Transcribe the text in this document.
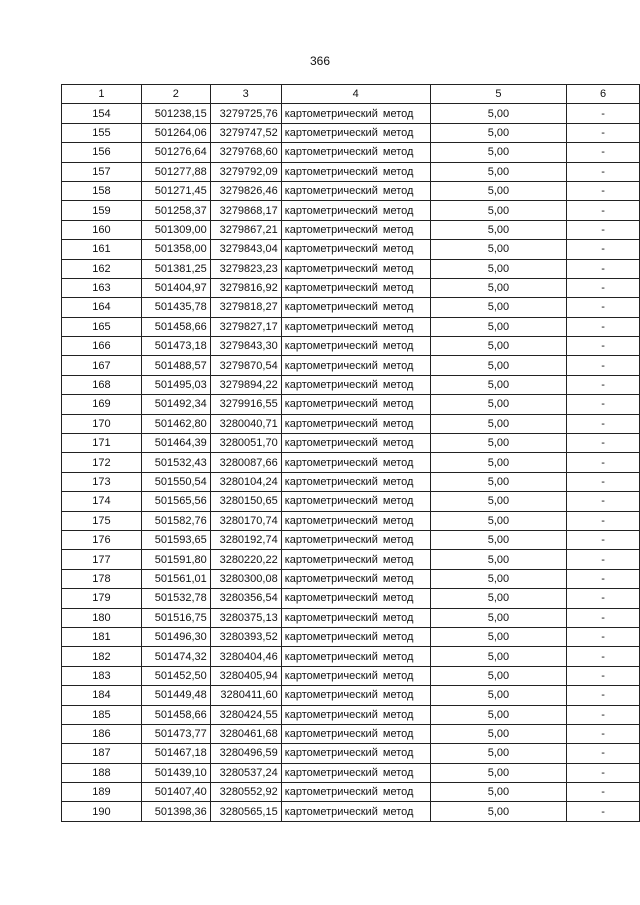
366
1	2	3	4	5	6
154	501238,15	3279725,76	картометрический метод	5,00	-
155	501264,06	3279747,52	картометрический метод	5,00	-
156	501276,64	3279768,60	картометрический метод	5,00	-
157	501277,88	3279792,09	картометрический метод	5,00	-
158	501271,45	3279826,46	картометрический метод	5,00	-
159	501258,37	3279868,17	картометрический метод	5,00	-
160	501309,00	3279867,21	картометрический метод	5,00	-
161	501358,00	3279843,04	картометрический метод	5,00	-
162	501381,25	3279823,23	картометрический метод	5,00	-
163	501404,97	3279816,92	картометрический метод	5,00	-
164	501435,78	3279818,27	картометрический метод	5,00	-
165	501458,66	3279827,17	картометрический метод	5,00	-
166	501473,18	3279843,30	картометрический метод	5,00	-
167	501488,57	3279870,54	картометрический метод	5,00	-
168	501495,03	3279894,22	картометрический метод	5,00	-
169	501492,34	3279916,55	картометрический метод	5,00	-
170	501462,80	3280040,71	картометрический метод	5,00	-
171	501464,39	3280051,70	картометрический метод	5,00	-
172	501532,43	3280087,66	картометрический метод	5,00	-
173	501550,54	3280104,24	картометрический метод	5,00	-
174	501565,56	3280150,65	картометрический метод	5,00	-
175	501582,76	3280170,74	картометрический метод	5,00	-
176	501593,65	3280192,74	картометрический метод	5,00	-
177	501591,80	3280220,22	картометрический метод	5,00	-
178	501561,01	3280300,08	картометрический метод	5,00	-
179	501532,78	3280356,54	картометрический метод	5,00	-
180	501516,75	3280375,13	картометрический метод	5,00	-
181	501496,30	3280393,52	картометрический метод	5,00	-
182	501474,32	3280404,46	картометрический метод	5,00	-
183	501452,50	3280405,94	картометрический метод	5,00	-
184	501449,48	3280411,60	картометрический метод	5,00	-
185	501458,66	3280424,55	картометрический метод	5,00	-
186	501473,77	3280461,68	картометрический метод	5,00	-
187	501467,18	3280496,59	картометрический метод	5,00	-
188	501439,10	3280537,24	картометрический метод	5,00	-
189	501407,40	3280552,92	картометрический метод	5,00	-
190	501398,36	3280565,15	картометрический метод	5,00	-
